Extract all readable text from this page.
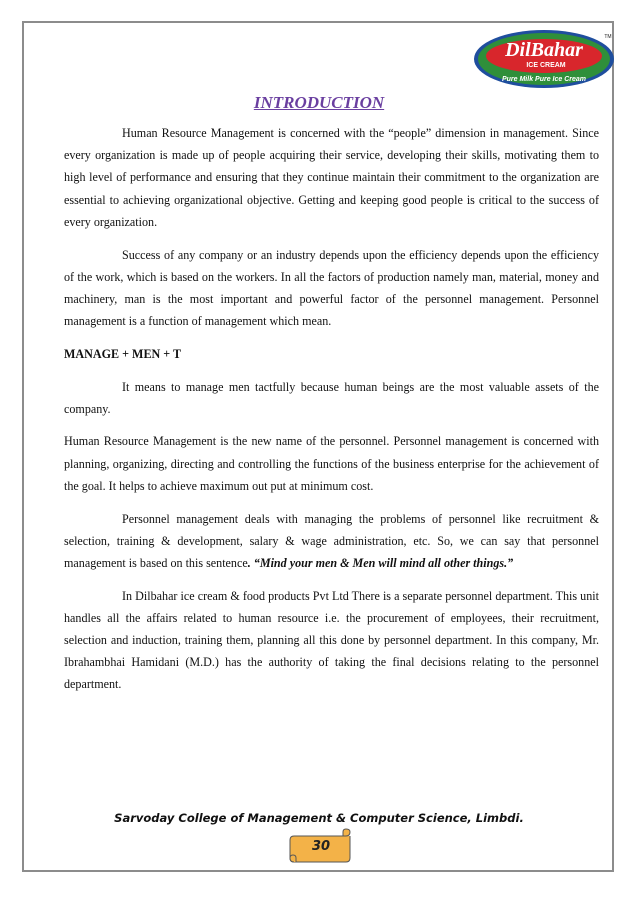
DilBahar
ICE CREAM
Pure Milk Pure Ice Cream
TM
INTRODUCTION

Human Resource Management is concerned with the “people” dimension in management. Since every organization is made up of people acquiring their service, developing their skills, motivating them to high level of performance and ensuring that they continue maintain their commitment to the organization are essential to achieving organizational objective. Getting and keeping good people is critical to the success of every organization.

Success of any company or an industry depends upon the efficiency depends upon the efficiency of the work, which is based on the workers. In all the factors of production namely man, material, money and machinery, man is the most important and powerful factor of the personnel management. Personnel management is a function of management which mean.

MANAGE + MEN + T

It means to manage men tactfully because human beings are the most valuable assets of the company.

Human Resource Management is the new name of the personnel. Personnel management is concerned with planning, organizing, directing and controlling the functions of the business enterprise for the achievement of the goal. It helps to achieve maximum out put at minimum cost.

Personnel management deals with managing the problems of personnel like recruitment & selection, training & development, salary & wage administration, etc. So, we can say that personnel management is based on this sentence. “Mind your men & Men will mind all other things.”

In Dilbahar ice cream & food products Pvt Ltd There is a separate personnel department. This unit handles all the affairs related to human resource i.e. the procurement of employees, their recruitment, selection and induction, training them, planning all this done by personnel department. In this company, Mr. Ibrahambhai Hamidani (M.D.) has the authority of taking the final decisions relating to the personnel department.

Sarvoday College of Management & Computer Science, Limbdi.
30
